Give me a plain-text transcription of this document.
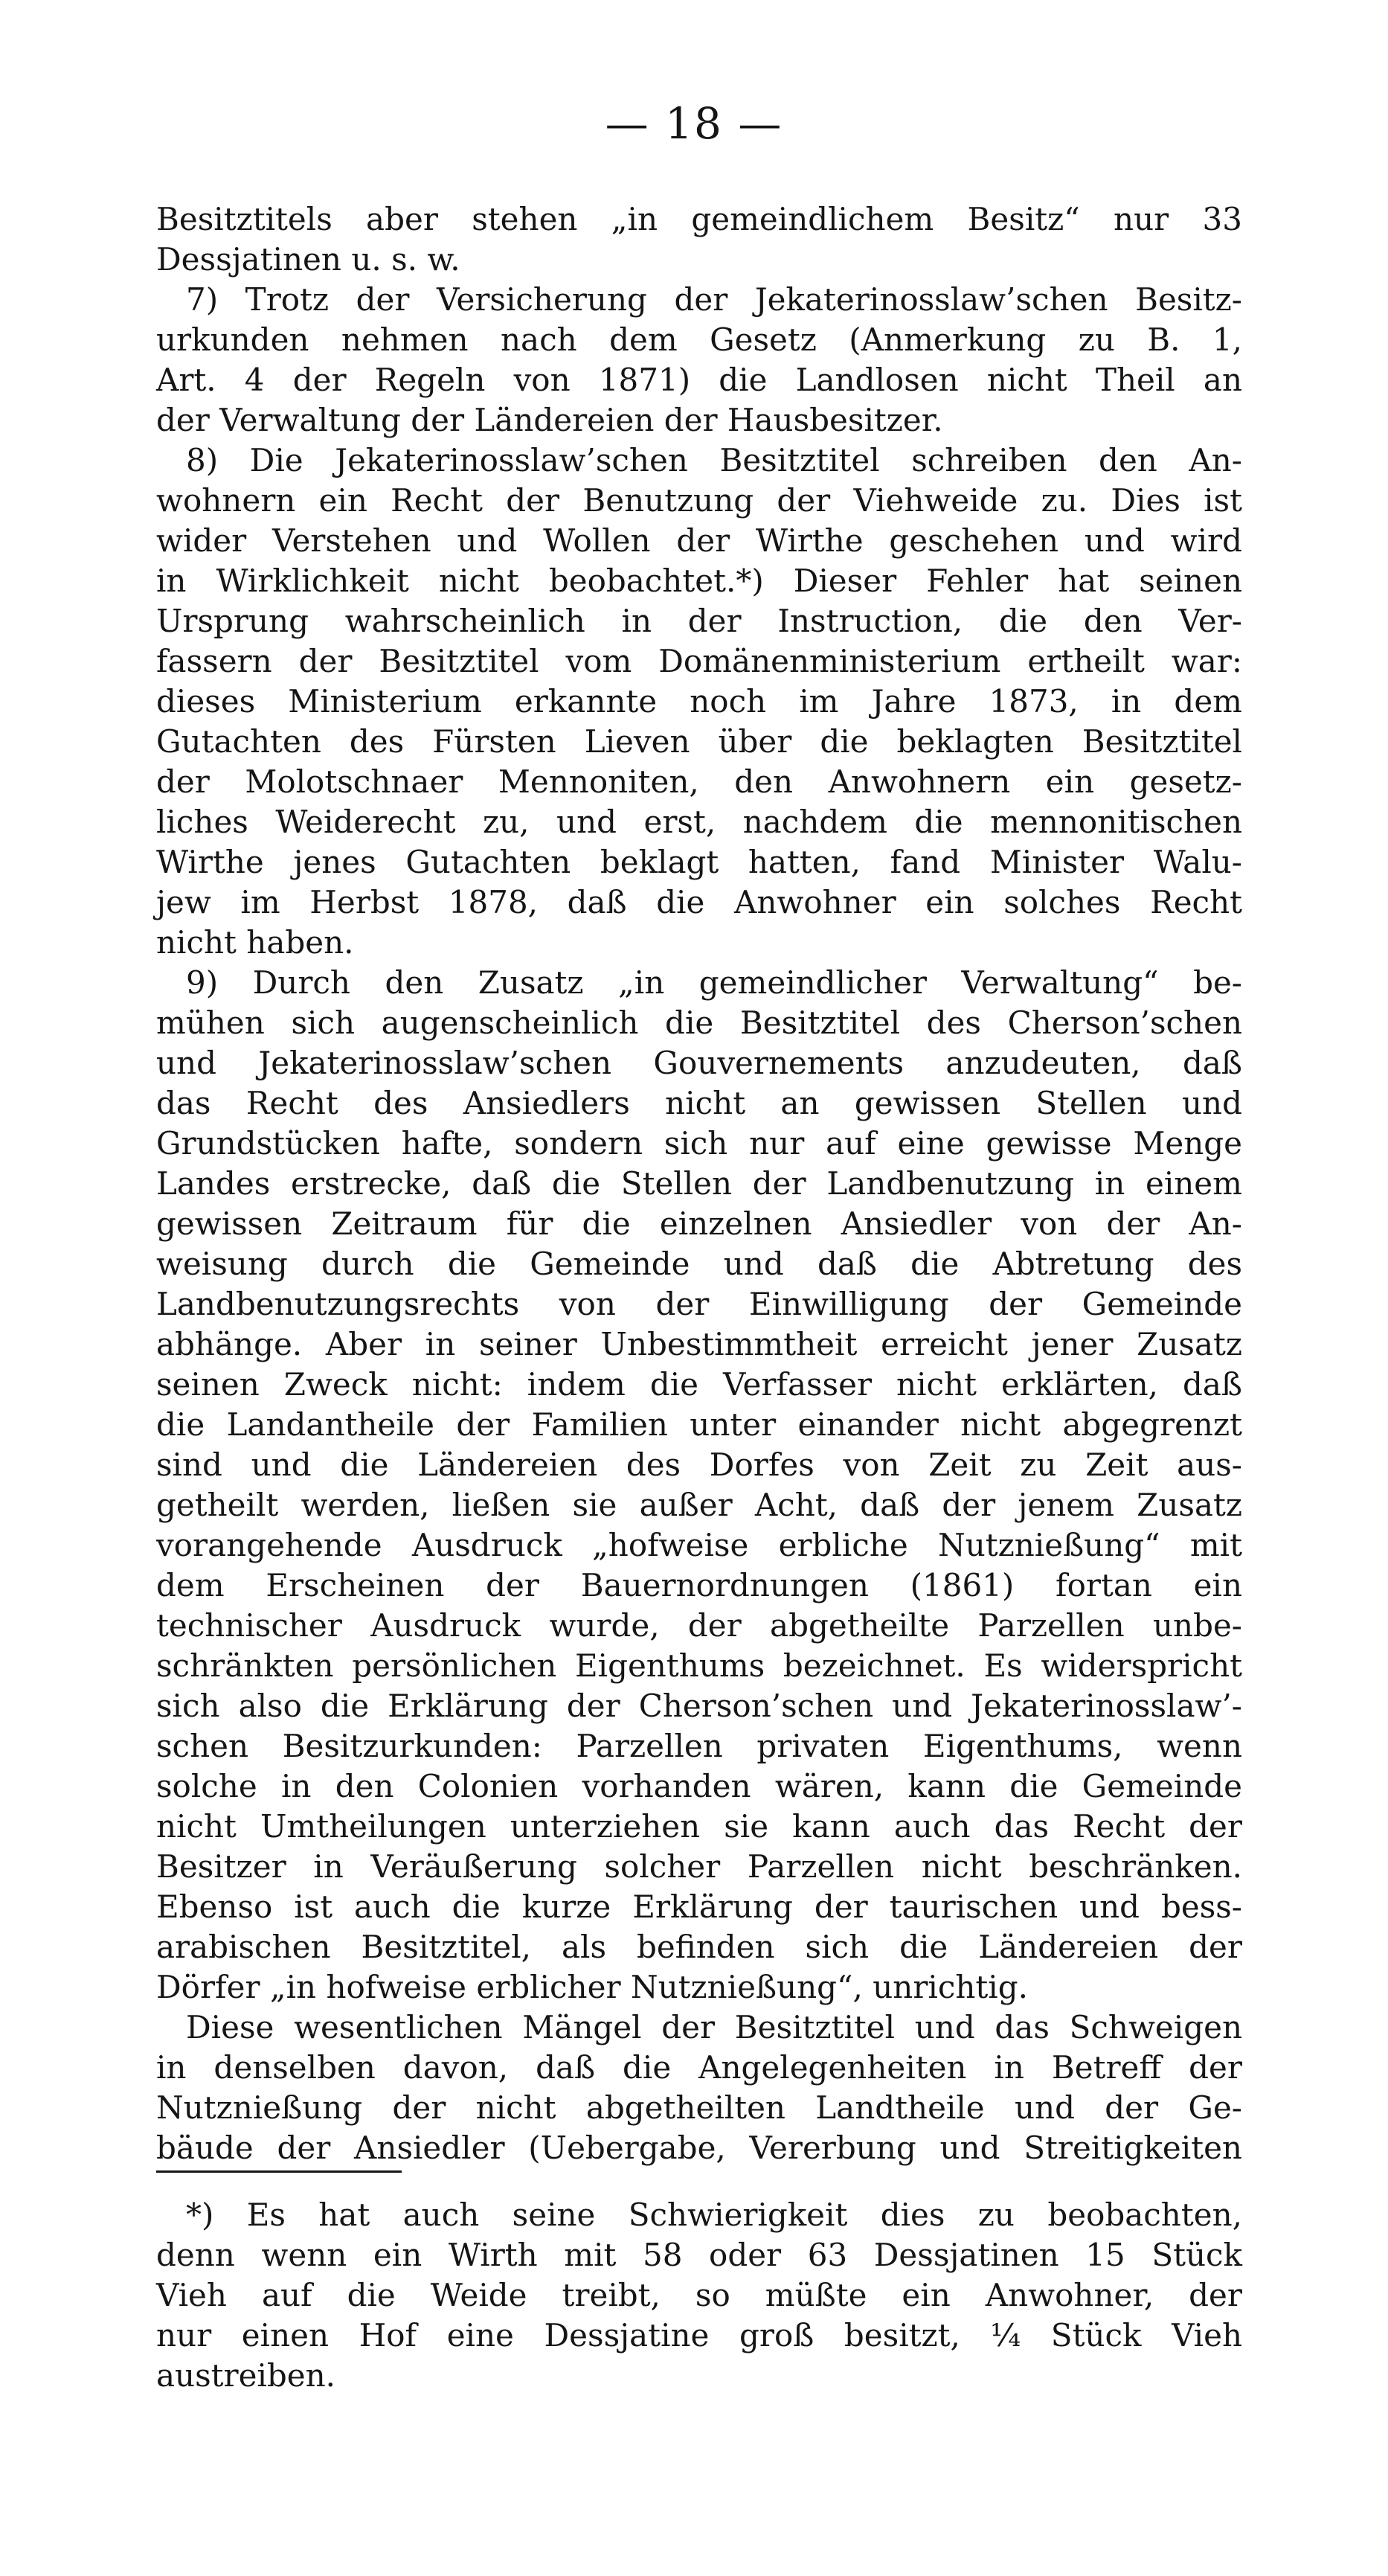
— 18 —
Besitztitels aber stehen „in gemeindlichem Besitz“ nur 33
Dessjatinen u. s. w.
7) Trotz der Versicherung der Jekaterinosslaw’schen Besitz-
urkunden nehmen nach dem Gesetz (Anmerkung zu B. 1,
Art. 4 der Regeln von 1871) die Landlosen nicht Theil an
der Verwaltung der Ländereien der Hausbesitzer.
8) Die Jekaterinosslaw’schen Besitztitel schreiben den An-
wohnern ein Recht der Benutzung der Viehweide zu. Dies ist
wider Verstehen und Wollen der Wirthe geschehen und wird
in Wirklichkeit nicht beobachtet.*) Dieser Fehler hat seinen
Ursprung wahrscheinlich in der Instruction, die den Ver-
fassern der Besitztitel vom Domänenministerium ertheilt war:
dieses Ministerium erkannte noch im Jahre 1873, in dem
Gutachten des Fürsten Lieven über die beklagten Besitztitel
der Molotschnaer Mennoniten, den Anwohnern ein gesetz-
liches Weiderecht zu, und erst, nachdem die mennonitischen
Wirthe jenes Gutachten beklagt hatten, fand Minister Walu-
jew im Herbst 1878, daß die Anwohner ein solches Recht
nicht haben.
9) Durch den Zusatz „in gemeindlicher Verwaltung“ be-
mühen sich augenscheinlich die Besitztitel des Cherson’schen
und Jekaterinosslaw’schen Gouvernements anzudeuten, daß
das Recht des Ansiedlers nicht an gewissen Stellen und
Grundstücken hafte, sondern sich nur auf eine gewisse Menge
Landes erstrecke, daß die Stellen der Landbenutzung in einem
gewissen Zeitraum für die einzelnen Ansiedler von der An-
weisung durch die Gemeinde und daß die Abtretung des
Landbenutzungsrechts von der Einwilligung der Gemeinde
abhänge. Aber in seiner Unbestimmtheit erreicht jener Zusatz
seinen Zweck nicht: indem die Verfasser nicht erklärten, daß
die Landantheile der Familien unter einander nicht abgegrenzt
sind und die Ländereien des Dorfes von Zeit zu Zeit aus-
getheilt werden, ließen sie außer Acht, daß der jenem Zusatz
vorangehende Ausdruck „hofweise erbliche Nutznießung“ mit
dem Erscheinen der Bauernordnungen (1861) fortan ein
technischer Ausdruck wurde, der abgetheilte Parzellen unbe-
schränkten persönlichen Eigenthums bezeichnet. Es widerspricht
sich also die Erklärung der Cherson’schen und Jekaterinosslaw’-
schen Besitzurkunden: Parzellen privaten Eigenthums, wenn
solche in den Colonien vorhanden wären, kann die Gemeinde
nicht Umtheilungen unterziehen sie kann auch das Recht der
Besitzer in Veräußerung solcher Parzellen nicht beschränken.
Ebenso ist auch die kurze Erklärung der taurischen und bess-
arabischen Besitztitel, als befinden sich die Ländereien der
Dörfer „in hofweise erblicher Nutznießung“, unrichtig.
Diese wesentlichen Mängel der Besitztitel und das Schweigen
in denselben davon, daß die Angelegenheiten in Betreff der
Nutznießung der nicht abgetheilten Landtheile und der Ge-
bäude der Ansiedler (Uebergabe, Vererbung und Streitigkeiten
*) Es hat auch seine Schwierigkeit dies zu beobachten,
denn wenn ein Wirth mit 58 oder 63 Dessjatinen 15 Stück
Vieh auf die Weide treibt, so müßte ein Anwohner, der
nur einen Hof eine Dessjatine groß besitzt, ¼ Stück Vieh
austreiben.
